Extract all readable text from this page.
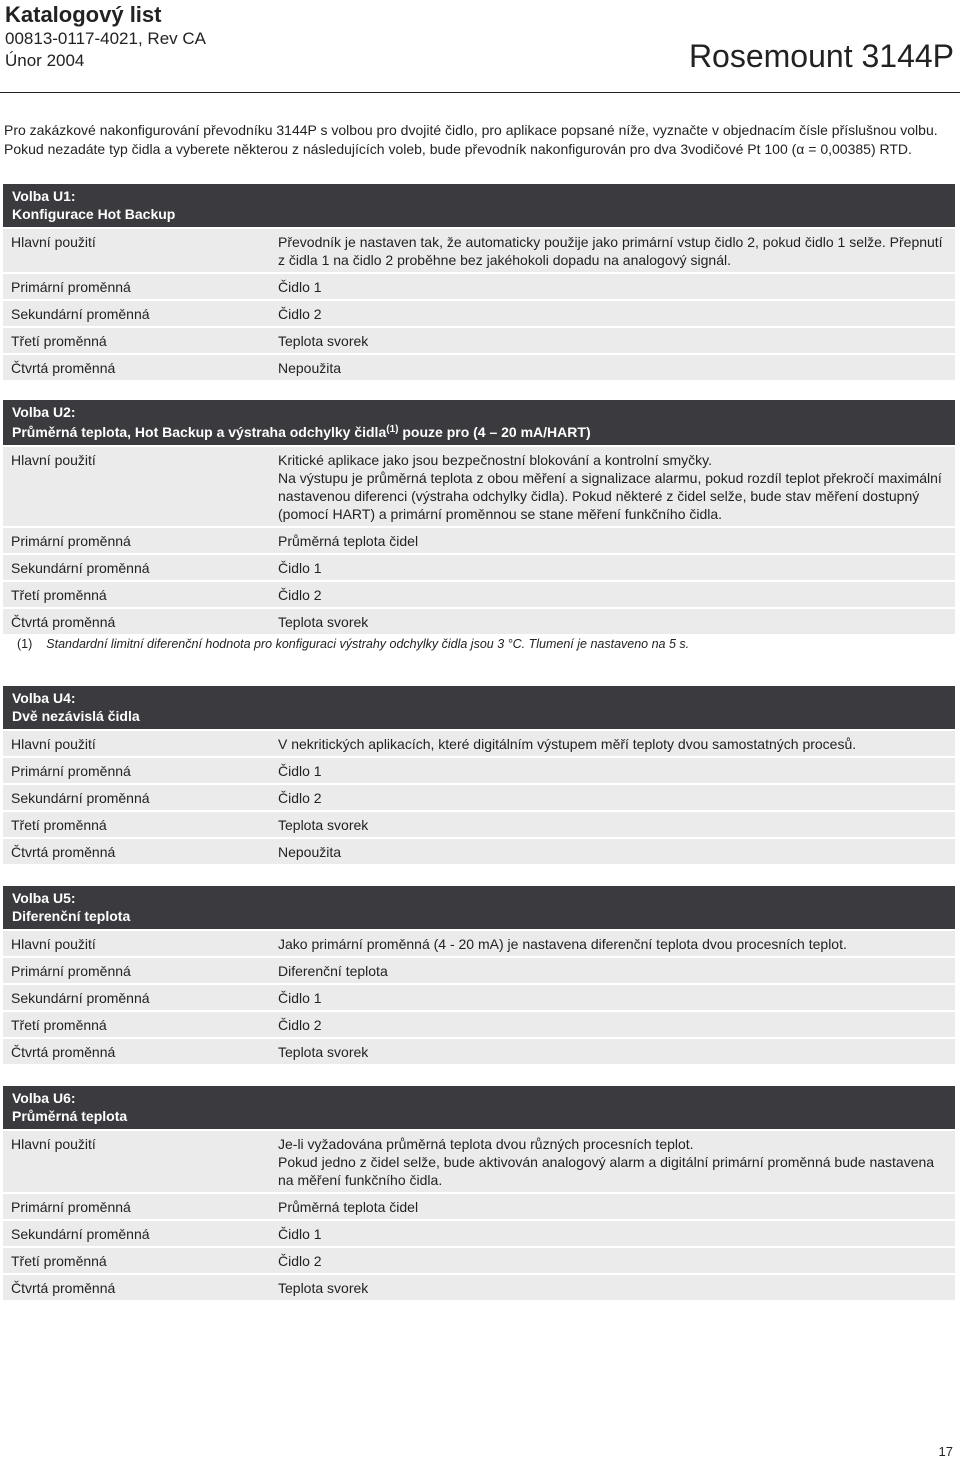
Katalogový list
00813-0117-4021, Rev CA
Únor 2004	Rosemount 3144P
Pro zakázkové nakonfigurování převodníku 3144P s volbou pro dvojité čidlo, pro aplikace popsané níže, vyznačte v objednacím čísle příslušnou volbu. Pokud nezadáte typ čidla a vyberete některou z následujících voleb, bude převodník nakonfigurován pro dva 3vodičové Pt 100 (α = 0,00385) RTD.
Volba U1:
Konfigurace Hot Backup
Hlavní použití	Převodník je nastaven tak, že automaticky použije jako primární vstup čidlo 2, pokud čidlo 1 selže. Přepnutí z čidla 1 na čidlo 2 proběhne bez jakéhokoli dopadu na analogový signál.
Primární proměnná	Čidlo 1
Sekundární proměnná	Čidlo 2
Třetí proměnná	Teplota svorek
Čtvrtá proměnná	Nepoužita
Volba U2:
Průměrná teplota, Hot Backup a výstraha odchylky čidla$^{(1)}$ pouze pro (4 – 20 mA/HART)
Hlavní použití	Kritické aplikace jako jsou bezpečnostní blokování a kontrolní smyčky.
Na výstupu je průměrná teplota z obou měření a signalizace alarmu, pokud rozdíl teplot překročí maximální nastavenou diferenci (výstraha odchylky čidla). Pokud některé z čidel selže, bude stav měření dostupný (pomocí HART) a primární proměnnou se stane měření funkčního čidla.
Primární proměnná	Průměrná teplota čidel
Sekundární proměnná	Čidlo 1
Třetí proměnná	Čidlo 2
Čtvrtá proměnná	Teplota svorek
(1) Standardní limitní diferenční hodnota pro konfiguraci výstrahy odchylky čidla jsou 3 °C. Tlumení je nastaveno na 5 s.
Volba U4:
Dvě nezávislá čidla
Hlavní použití	V nekritických aplikacích, které digitálním výstupem měří teploty dvou samostatných procesů.
Primární proměnná	Čidlo 1
Sekundární proměnná	Čidlo 2
Třetí proměnná	Teplota svorek
Čtvrtá proměnná	Nepoužita
Volba U5:
Diferenční teplota
Hlavní použití	Jako primární proměnná (4 - 20 mA) je nastavena diferenční teplota dvou procesních teplot.
Primární proměnná	Diferenční teplota
Sekundární proměnná	Čidlo 1
Třetí proměnná	Čidlo 2
Čtvrtá proměnná	Teplota svorek
Volba U6:
Průměrná teplota
Hlavní použití	Je-li vyžadována průměrná teplota dvou různých procesních teplot.
Pokud jedno z čidel selže, bude aktivován analogový alarm a digitální primární proměnná bude nastavena na měření funkčního čidla.
Primární proměnná	Průměrná teplota čidel
Sekundární proměnná	Čidlo 1
Třetí proměnná	Čidlo 2
Čtvrtá proměnná	Teplota svorek
17
